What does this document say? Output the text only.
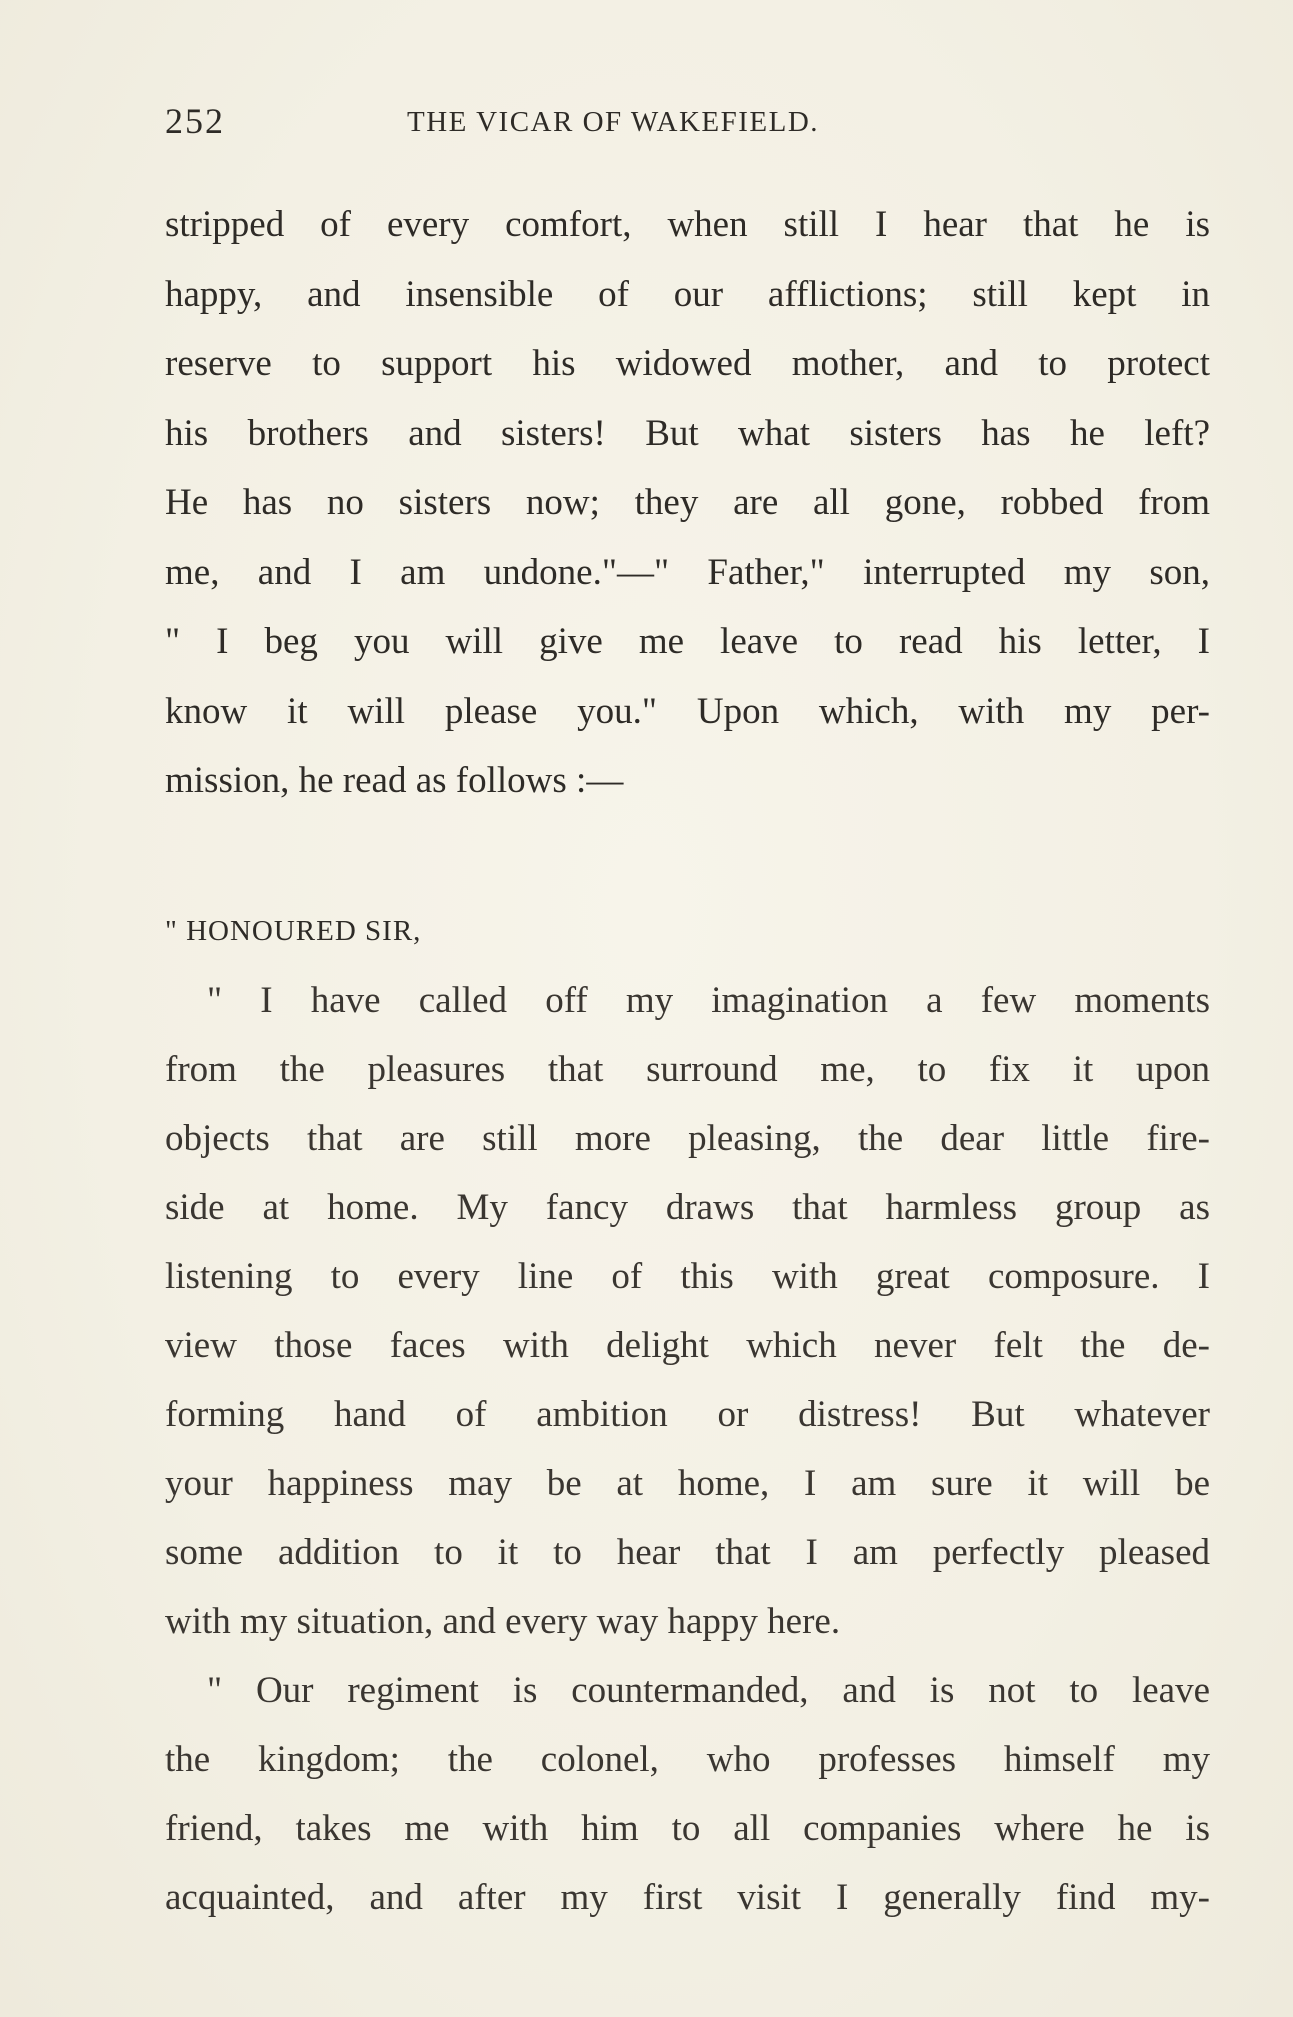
252	THE VICAR OF WAKEFIELD.
stripped of every comfort, when still I hear that he is
happy, and insensible of our afflictions; still kept in
reserve to support his widowed mother, and to protect
his brothers and sisters! But what sisters has he left?
He has no sisters now; they are all gone, robbed from
me, and I am undone."—" Father," interrupted my son,
" I beg you will give me leave to read his letter, I
know it will please you." Upon which, with my per-
mission, he read as follows :—
" HONOURED SIR,
" I have called off my imagination a few moments
from the pleasures that surround me, to fix it upon
objects that are still more pleasing, the dear little fire-
side at home. My fancy draws that harmless group as
listening to every line of this with great composure. I
view those faces with delight which never felt the de-
forming hand of ambition or distress! But whatever
your happiness may be at home, I am sure it will be
some addition to it to hear that I am perfectly pleased
with my situation, and every way happy here.
" Our regiment is countermanded, and is not to leave
the kingdom; the colonel, who professes himself my
friend, takes me with him to all companies where he is
acquainted, and after my first visit I generally find my-
